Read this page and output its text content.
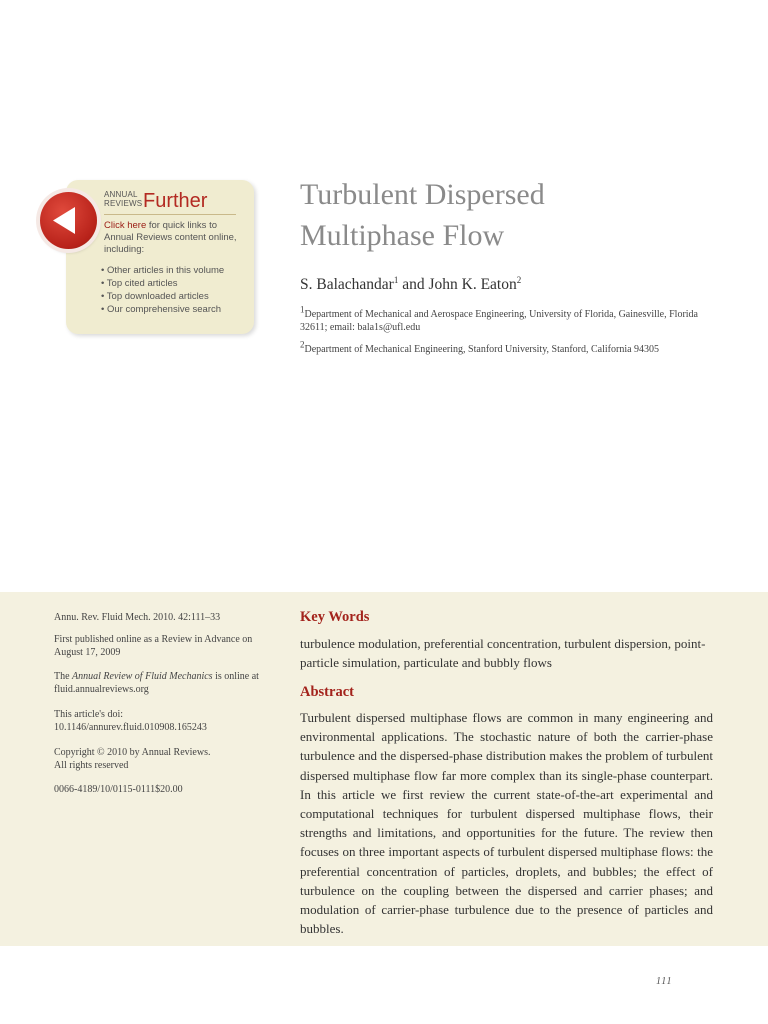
ANNUAL
REVIEWS Further
Click here for quick links to Annual Reviews content online, including:
• Other articles in this volume
• Top cited articles
• Top downloaded articles
• Our comprehensive search
Turbulent Dispersed
Multiphase Flow
S. Balachandar$^1$ and John K. Eaton$^2$
$^1$Department of Mechanical and Aerospace Engineering, University of Florida, Gainesville, Florida 32611; email: bala1s@ufl.edu
$^2$Department of Mechanical Engineering, Stanford University, Stanford, California 94305
Annu. Rev. Fluid Mech. 2010. 42:111–33
First published online as a Review in Advance on August 17, 2009
The Annual Review of Fluid Mechanics is online at fluid.annualreviews.org
This article's doi:
10.1146/annurev.fluid.010908.165243
Copyright © 2010 by Annual Reviews.
All rights reserved
0066-4189/10/0115-0111$20.00
Key Words
turbulence modulation, preferential concentration, turbulent dispersion, point-particle simulation, particulate and bubbly flows
Abstract

Turbulent dispersed multiphase flows are common in many engineering and environmental applications. The stochastic nature of both the carrier-phase turbulence and the dispersed-phase distribution makes the problem of turbulent dispersed multiphase flow far more complex than its single-phase counterpart. In this article we first review the current state-of-the-art experimental and computational techniques for turbulent dispersed multiphase flows, their strengths and limitations, and opportunities for the future. The review then focuses on three important aspects of turbulent dispersed multiphase flows: the preferential concentration of particles, droplets, and bubbles; the effect of turbulence on the coupling between the dispersed and carrier phases; and modulation of carrier-phase turbulence due to the presence of particles and bubbles.

111
